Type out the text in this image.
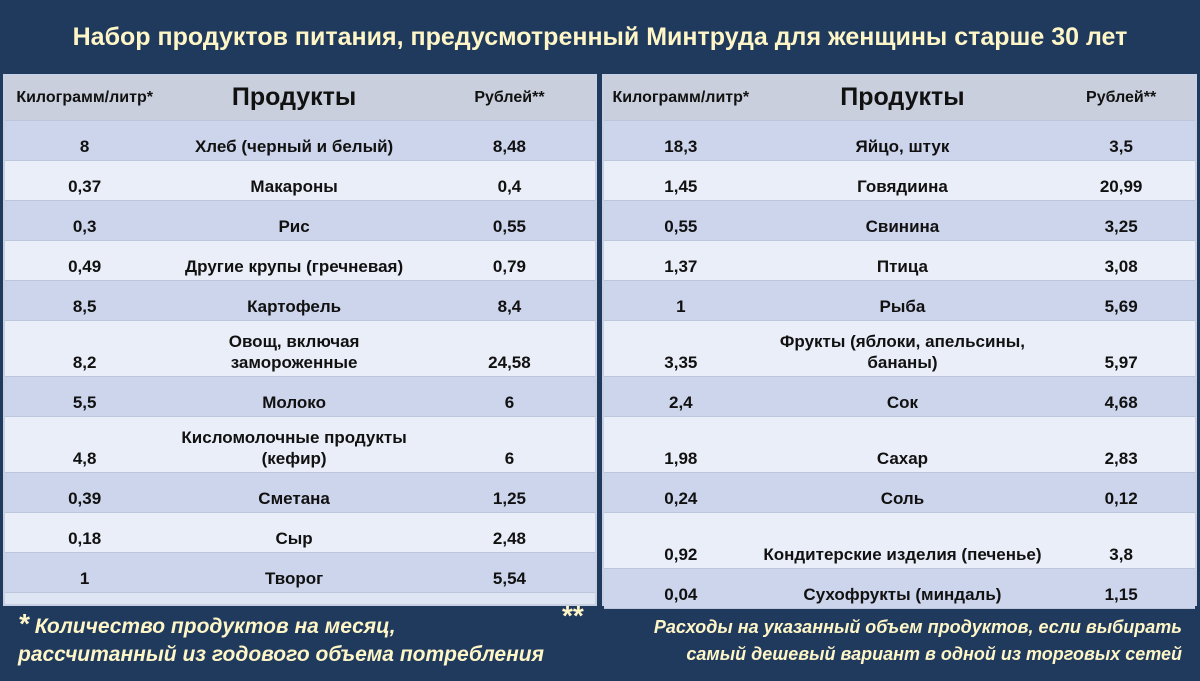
Набор продуктов питания, предусмотренный Минтруда для женщины старше 30 лет
Килограмм/литр*	Продукты	Рублей**
8	Хлеб (черный и белый)	8,48
0,37	Макароны	0,4
0,3	Рис	0,55
0,49	Другие крупы (гречневая)	0,79
8,5	Картофель	8,4
8,2	Овощ, включая замороженные	24,58
5,5	Молоко	6
4,8	Кисломолочные продукты (кефир)	6
0,39	Сметана	1,25
0,18	Сыр	2,48
1	Творог	5,54
Килограмм/литр*	Продукты	Рублей**
18,3	Яйцо, штук	3,5
1,45	Говядиина	20,99
0,55	Свинина	3,25
1,37	Птица	3,08
1	Рыба	5,69
3,35	Фрукты (яблоки, апельсины, бананы)	5,97
2,4	Сок	4,68
1,98	Сахар	2,83
0,24	Соль	0,12
0,92	Кондитерские изделия (печенье)	3,8
0,04	Сухофрукты (миндаль)	1,15
* Количество продуктов на месяц,
рассчитанный из годового объема потребления
**	Расходы на указанный объем продуктов, если выбирать
самый дешевый вариант в одной из торговых сетей
